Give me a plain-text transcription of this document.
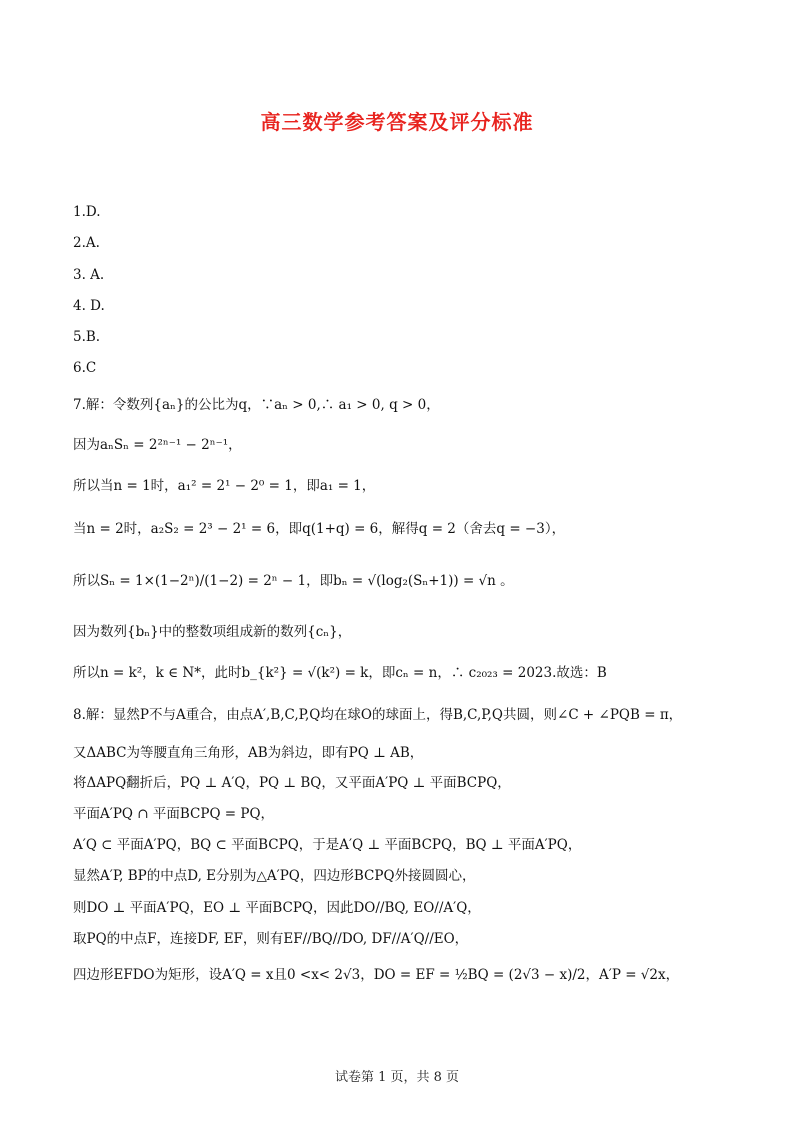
高三数学参考答案及评分标准
1.D.
2.A.
3. A.
4. D.
5.B.
6.C
7.解：令数列{aₙ}的公比为q，∵aₙ > 0,∴ a₁ > 0, q > 0，
因为aₙSₙ = 2²ⁿ⁻¹ − 2ⁿ⁻¹，
所以当n = 1时，a₁² = 2¹ − 2⁰ = 1，即a₁ = 1，
当n = 2时，a₂S₂ = 2³ − 2¹ = 6，即q(1+q) = 6，解得q = 2（舍去q = −3），
所以Sₙ = 1×(1−2ⁿ)/(1−2) = 2ⁿ − 1，即bₙ = √(log₂(Sₙ+1)) = √n 。
因为数列{bₙ}中的整数项组成新的数列{cₙ}，
所以n = k²，k ∈ N*，此时b_{k²} = √(k²) = k，即cₙ = n，∴ c₂₀₂₃ = 2023.故选：B
8.解：显然P不与A重合，由点A′,B,C,P,Q均在球O的球面上，得B,C,P,Q共圆，则∠C + ∠PQB = π，
又ΔABC为等腰直角三角形，AB为斜边，即有PQ ⊥ AB，
将ΔAPQ翻折后，PQ ⊥ A′Q，PQ ⊥ BQ，又平面A′PQ ⊥ 平面BCPQ，
平面A′PQ ∩ 平面BCPQ = PQ，
A′Q ⊂ 平面A′PQ，BQ ⊂ 平面BCPQ，于是A′Q ⊥ 平面BCPQ，BQ ⊥ 平面A′PQ，
显然A′P, BP的中点D, E分别为△A′PQ，四边形BCPQ外接圆圆心，
则DO ⊥ 平面A′PQ，EO ⊥ 平面BCPQ，因此DO//BQ, EO//A′Q，
取PQ的中点F，连接DF, EF，则有EF//BQ//DO, DF//A′Q//EO，
四边形EFDO为矩形，设A′Q = x且0 <x< 2√3，DO = EF = ½BQ = (2√3 − x)/2，A′P = √2x，
试卷第 1 页，共 8 页
